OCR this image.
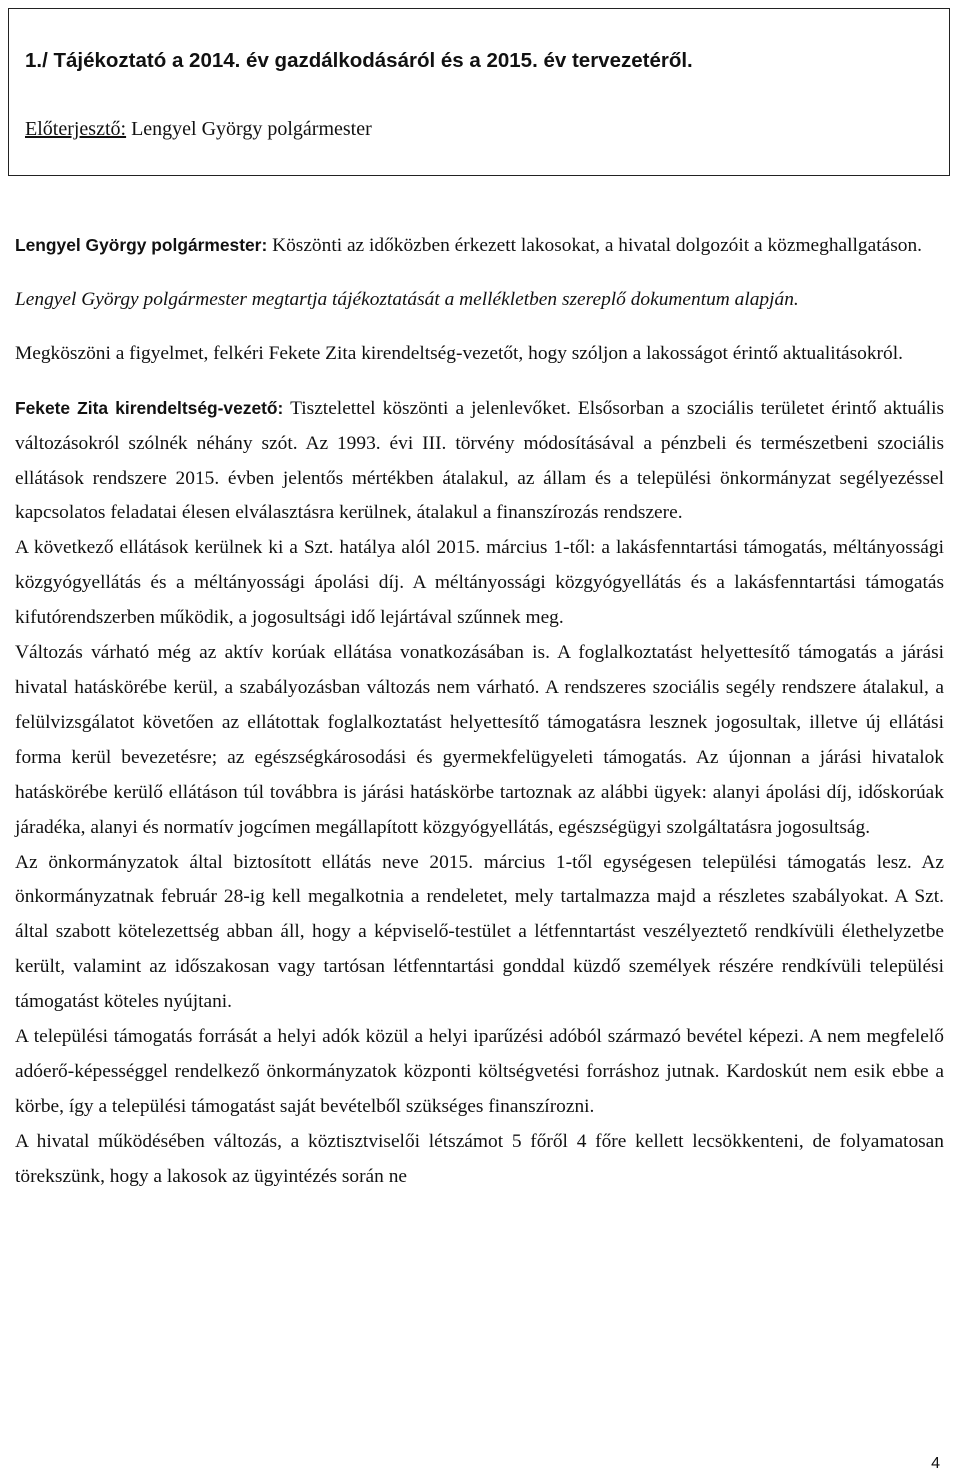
1./ Tájékoztató a 2014. év gazdálkodásáról és a 2015. év tervezetéről.
Előterjesztő: Lengyel György polgármester

Lengyel György polgármester: Köszönti az időközben érkezett lakosokat, a hivatal dolgozóit a közmeghallgatáson.

Lengyel György polgármester megtartja tájékoztatását a mellékletben szereplő dokumentum alapján.

Megköszöni a figyelmet, felkéri Fekete Zita kirendeltség-vezetőt, hogy szóljon a lakosságot érintő aktualitásokról.

Fekete Zita kirendeltség-vezető: Tisztelettel köszönti a jelenlevőket. Elsősorban a szociális területet érintő aktuális változásokról szólnék néhány szót. Az 1993. évi III. törvény módosításával a pénzbeli és természetbeni szociális ellátások rendszere 2015. évben jelentős mértékben átalakul, az állam és a települési önkormányzat segélyezéssel kapcsolatos feladatai élesen elválasztásra kerülnek, átalakul a finanszírozás rendszere.

A következő ellátások kerülnek ki a Szt. hatálya alól 2015. március 1-től: a lakásfenntartási támogatás, méltányossági közgyógyellátás és a méltányossági ápolási díj. A méltányossági közgyógyellátás és a lakásfenntartási támogatás kifutórendszerben működik, a jogosultsági idő lejártával szűnnek meg.

Változás várható még az aktív korúak ellátása vonatkozásában is. A foglalkoztatást helyettesítő támogatás a járási hivatal hatáskörébe kerül, a szabályozásban változás nem várható. A rendszeres szociális segély rendszere átalakul, a felülvizsgálatot követően az ellátottak foglalkoztatást helyettesítő támogatásra lesznek jogosultak, illetve új ellátási forma kerül bevezetésre; az egészségkárosodási és gyermekfelügyeleti támogatás. Az újonnan a járási hivatalok hatáskörébe kerülő ellátáson túl továbbra is járási hatáskörbe tartoznak az alábbi ügyek: alanyi ápolási díj, időskorúak járadéka, alanyi és normatív jogcímen megállapított közgyógyellátás, egészségügyi szolgáltatásra jogosultság.

Az önkormányzatok által biztosított ellátás neve 2015. március 1-től egységesen települési támogatás lesz. Az önkormányzatnak február 28-ig kell megalkotnia a rendeletet, mely tartalmazza majd a részletes szabályokat. A Szt. által szabott kötelezettség abban áll, hogy a képviselő-testület a létfenntartást veszélyeztető rendkívüli élethelyzetbe került, valamint az időszakosan vagy tartósan létfenntartási gonddal küzdő személyek részére rendkívüli települési támogatást köteles nyújtani.

A települési támogatás forrását a helyi adók közül a helyi iparűzési adóból származó bevétel képezi. A nem megfelelő adóerő-képességgel rendelkező önkormányzatok központi költségvetési forráshoz jutnak. Kardoskút nem esik ebbe a körbe, így a települési támogatást saját bevételből szükséges finanszírozni.

A hivatal működésében változás, a köztisztviselői létszámot 5 főről 4 főre kellett lecsökkenteni, de folyamatosan törekszünk, hogy a lakosok az ügyintézés során ne

4
